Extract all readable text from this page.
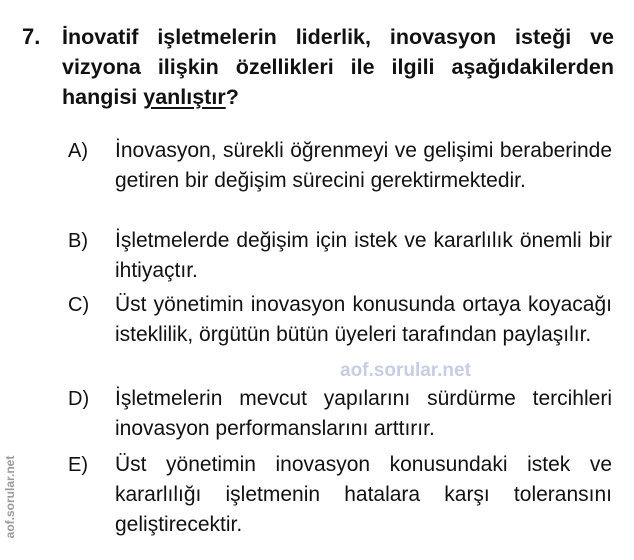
7. İnovatif işletmelerin liderlik, inovasyon isteği ve vizyona ilişkin özellikleri ile ilgili aşağıdakilerden hangisi yanlıştır?
A) İnovasyon, sürekli öğrenmeyi ve gelişimi beraberinde getiren bir değişim sürecini gerektirmektedir.
B) İşletmelerde değişim için istek ve kararlılık önemli bir ihtiyaçtır.
C) Üst yönetimin inovasyon konusunda ortaya koyacağı isteklilik, örgütün bütün üyeleri tarafından paylaşılır.
D) İşletmelerin mevcut yapılarını sürdürme tercihleri inovasyon performanslarını arttırır.
E) Üst yönetimin inovasyon konusundaki istek ve kararlılığı işletmenin hatalara karşı toleransını geliştirecektir.
aof.sorular.net
aof.sorular.net
